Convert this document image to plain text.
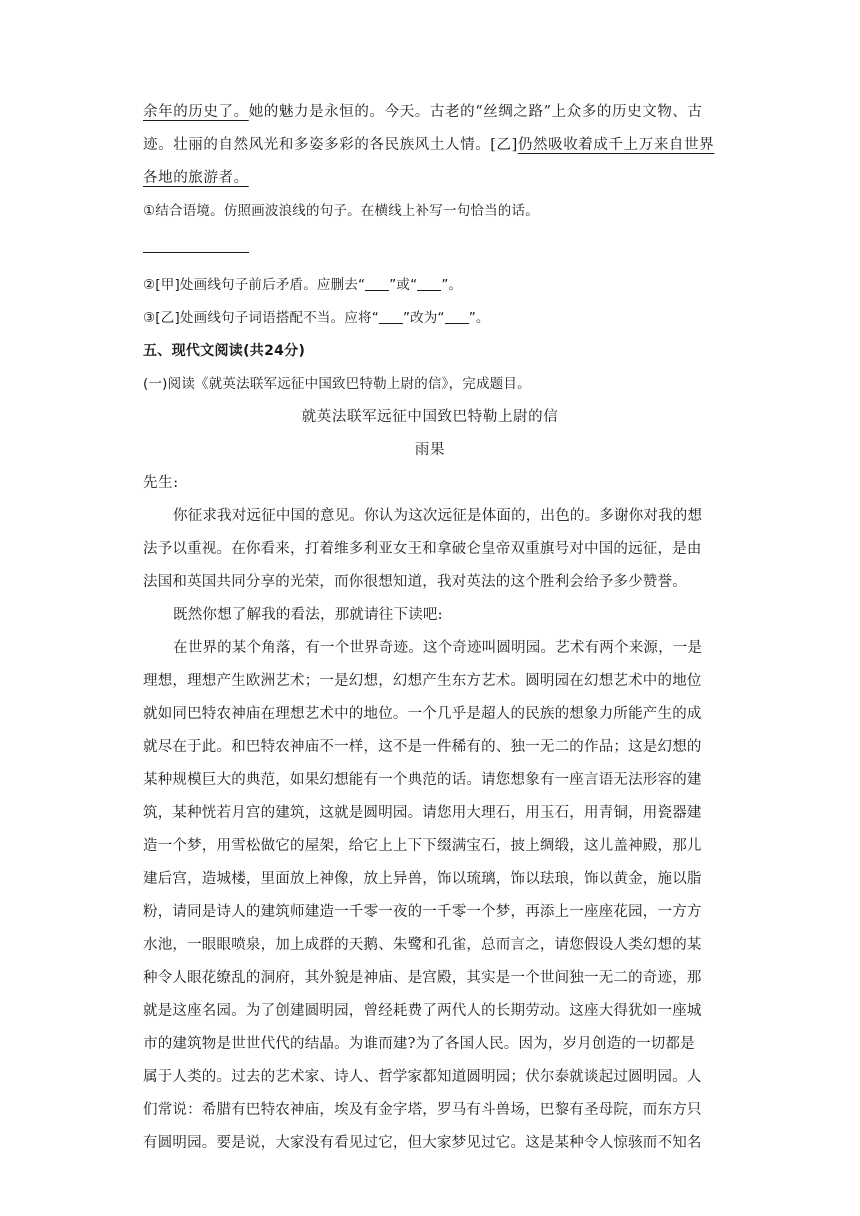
余年的历史了。她的魅力是永恒的。今天。古老的“丝绸之路”上众多的历史文物、古
迹。壮丽的自然风光和多姿多彩的各民族风土人情。[乙]仍然吸收着成千上万来自世界
各地的旅游者。
①结合语境。仿照画波浪线的句子。在横线上补写一句恰当的话。
②[甲]处画线句子前后矛盾。应删去“ ”或“ ”。
③[乙]处画线句子词语搭配不当。应将“ ”改为“ ”。
五、现代文阅读(共24分)
(一)阅读《就英法联军远征中国致巴特勒上尉的信》，完成题目。
就英法联军远征中国致巴特勒上尉的信
雨果
先生:
你征求我对远征中国的意见。你认为这次远征是体面的，出色的。多谢你对我的想
法予以重视。在你看来，打着维多利亚女王和拿破仑皇帝双重旗号对中国的远征，是由
法国和英国共同分享的光荣，而你很想知道，我对英法的这个胜利会给予多少赞誉。
既然你想了解我的看法，那就请往下读吧:
在世界的某个角落，有一个世界奇迹。这个奇迹叫圆明园。艺术有两个来源，一是
理想，理想产生欧洲艺术；一是幻想，幻想产生东方艺术。圆明园在幻想艺术中的地位
就如同巴特农神庙在理想艺术中的地位。一个几乎是超人的民族的想象力所能产生的成
就尽在于此。和巴特农神庙不一样，这不是一件稀有的、独一无二的作品；这是幻想的
某种规模巨大的典范，如果幻想能有一个典范的话。请您想象有一座言语无法形容的建
筑，某种恍若月宫的建筑，这就是圆明园。请您用大理石，用玉石，用青铜，用瓷器建
造一个梦，用雪松做它的屋架，给它上上下下缀满宝石，披上绸缎，这儿盖神殿，那儿
建后宫，造城楼，里面放上神像，放上异兽，饰以琉璃，饰以珐琅，饰以黄金，施以脂
粉，请同是诗人的建筑师建造一千零一夜的一千零一个梦，再添上一座座花园，一方方
水池，一眼眼喷泉，加上成群的天鹅、朱鹭和孔雀，总而言之，请您假设人类幻想的某
种令人眼花缭乱的洞府，其外貌是神庙、是宫殿，其实是一个世间独一无二的奇迹，那
就是这座名园。为了创建圆明园，曾经耗费了两代人的长期劳动。这座大得犹如一座城
市的建筑物是世世代代的结晶。为谁而建?为了各国人民。因为，岁月创造的一切都是
属于人类的。过去的艺术家、诗人、哲学家都知道圆明园；伏尔泰就谈起过圆明园。人
们常说：希腊有巴特农神庙，埃及有金字塔，罗马有斗兽场，巴黎有圣母院，而东方只
有圆明园。要是说，大家没有看见过它，但大家梦见过它。这是某种令人惊骇而不知名
